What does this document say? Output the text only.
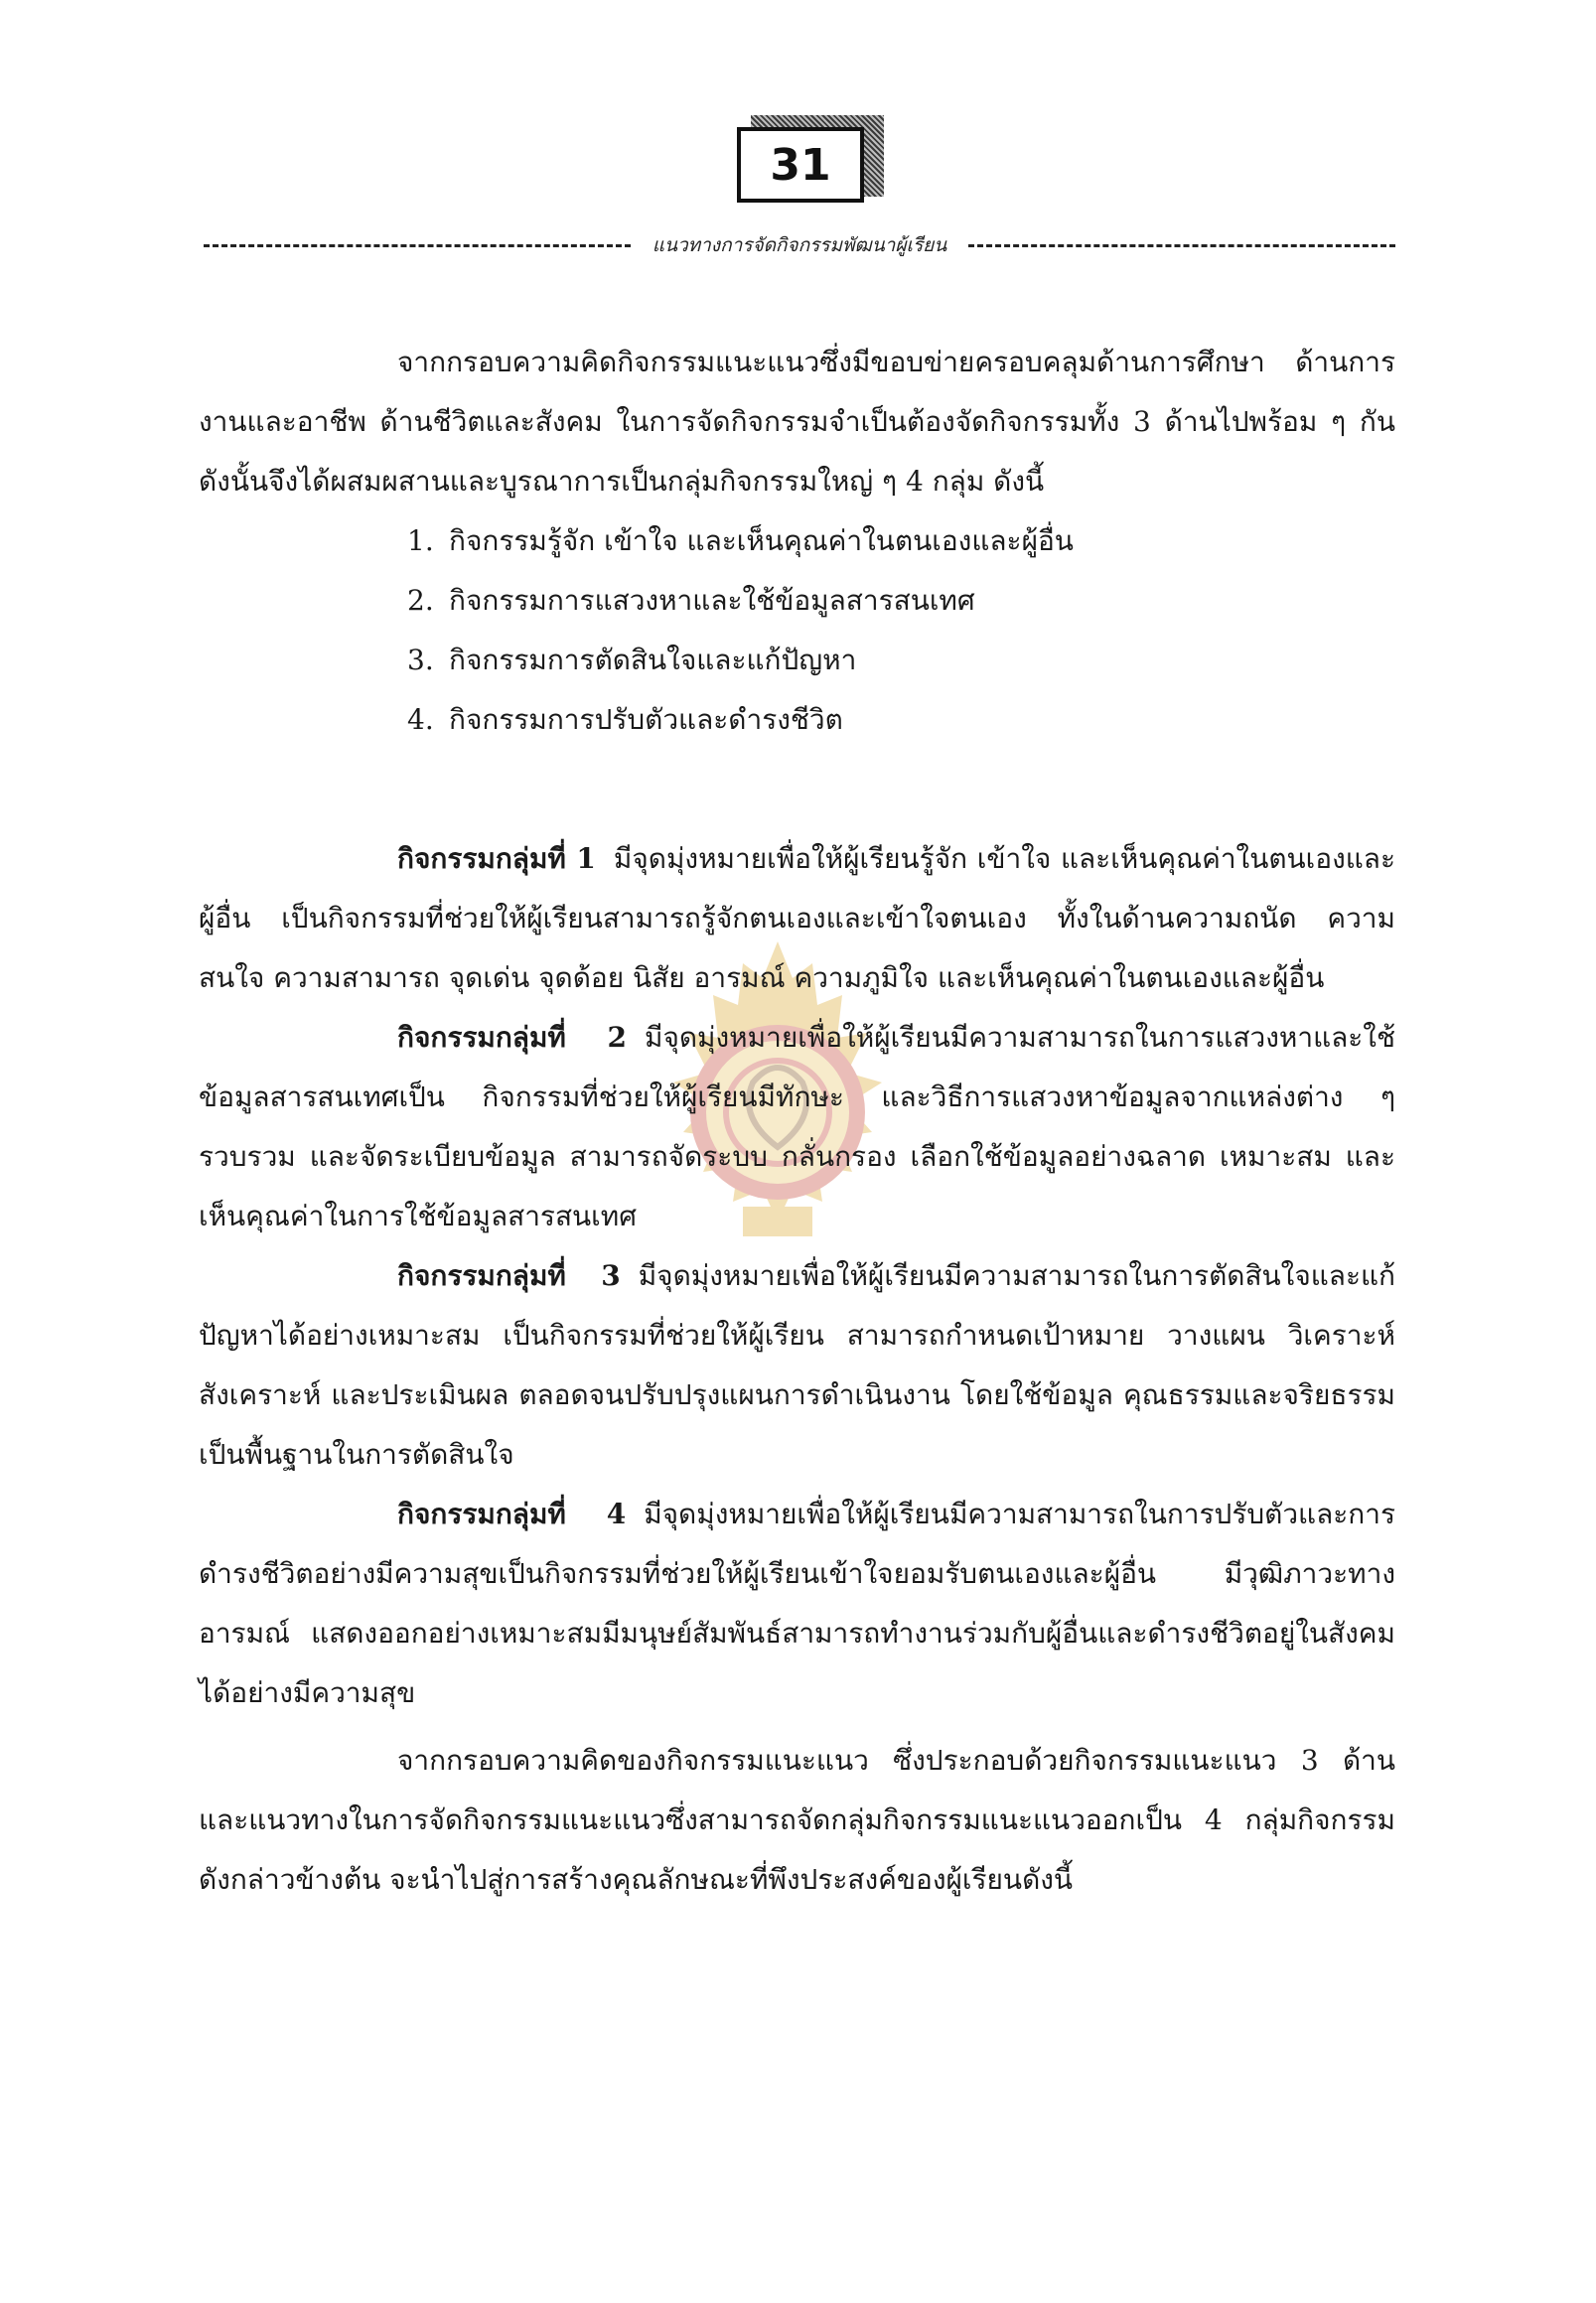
31
แนวทางการจัดกิจกรรมพัฒนาผู้เรียน

จากกรอบความคิดกิจกรรมแนะแนวซึ่งมีขอบข่ายครอบคลุมด้านการศึกษา ด้านการงานและอาชีพ ด้านชีวิตและสังคม ในการจัดกิจกรรมจำเป็นต้องจัดกิจกรรมทั้ง 3 ด้านไปพร้อม ๆ กัน ดังนั้นจึงได้ผสมผสานและบูรณาการเป็นกลุ่มกิจกรรมใหญ่ ๆ 4 กลุ่ม ดังนี้

1. กิจกรรมรู้จัก เข้าใจ และเห็นคุณค่าในตนเองและผู้อื่น
2. กิจกรรมการแสวงหาและใช้ข้อมูลสารสนเทศ
3. กิจกรรมการตัดสินใจและแก้ปัญหา
4. กิจกรรมการปรับตัวและดำรงชีวิต

กิจกรรมกลุ่มที่ 1 มีจุดมุ่งหมายเพื่อให้ผู้เรียนรู้จัก เข้าใจ และเห็นคุณค่าในตนเองและผู้อื่น เป็นกิจกรรมที่ช่วยให้ผู้เรียนสามารถรู้จักตนเองและเข้าใจตนเอง ทั้งในด้านความถนัด ความสนใจ ความสามารถ จุดเด่น จุดด้อย นิสัย อารมณ์ ความภูมิใจ และเห็นคุณค่าในตนเองและผู้อื่น

กิจกรรมกลุ่มที่ 2 มีจุดมุ่งหมายเพื่อให้ผู้เรียนมีความสามารถในการแสวงหาและใช้ข้อมูลสารสนเทศเป็น กิจกรรมที่ช่วยให้ผู้เรียนมีทักษะ และวิธีการแสวงหาข้อมูลจากแหล่งต่าง ๆ รวบรวม และจัดระเบียบข้อมูล สามารถจัดระบบ กลั่นกรอง เลือกใช้ข้อมูลอย่างฉลาด เหมาะสม และเห็นคุณค่าในการใช้ข้อมูลสารสนเทศ

กิจกรรมกลุ่มที่ 3 มีจุดมุ่งหมายเพื่อให้ผู้เรียนมีความสามารถในการตัดสินใจและแก้ปัญหาได้อย่างเหมาะสม เป็นกิจกรรมที่ช่วยให้ผู้เรียน สามารถกำหนดเป้าหมาย วางแผน วิเคราะห์ สังเคราะห์ และประเมินผล ตลอดจนปรับปรุงแผนการดำเนินงาน โดยใช้ข้อมูล คุณธรรมและจริยธรรมเป็นพื้นฐานในการตัดสินใจ

กิจกรรมกลุ่มที่ 4 มีจุดมุ่งหมายเพื่อให้ผู้เรียนมีความสามารถในการปรับตัวและการดำรงชีวิตอย่างมีความสุขเป็นกิจกรรมที่ช่วยให้ผู้เรียนเข้าใจยอมรับตนเองและผู้อื่น มีวุฒิภาวะทางอารมณ์ แสดงออกอย่างเหมาะสมมีมนุษย์สัมพันธ์สามารถทำงานร่วมกับผู้อื่นและดำรงชีวิตอยู่ในสังคมได้อย่างมีความสุข

จากกรอบความคิดของกิจกรรมแนะแนว ซึ่งประกอบด้วยกิจกรรมแนะแนว 3 ด้าน และแนวทางในการจัดกิจกรรมแนะแนวซึ่งสามารถจัดกลุ่มกิจกรรมแนะแนวออกเป็น 4 กลุ่มกิจกรรม ดังกล่าวข้างต้น จะนำไปสู่การสร้างคุณลักษณะที่พึงประสงค์ของผู้เรียนดังนี้
